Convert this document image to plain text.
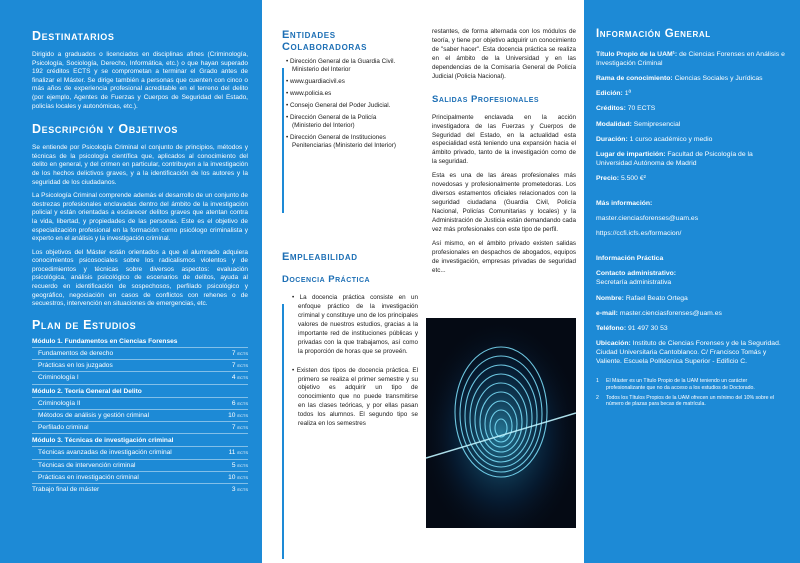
Destinatarios

Dirigido a graduados o licenciados en disciplinas afines (Criminología, Psicología, Sociología, Derecho, Informática, etc.) o que hayan superado 192 créditos ECTS y se comprometan a terminar el Grado antes de finalizar el Máster. Se dirige también a personas que cuenten con cinco o más años de experiencia profesional acreditable en el terreno del delito (por ejemplo, Agentes de Fuerzas y Cuerpos de Seguridad del Estado, policías locales y autonómicas, etc.).

Descripción y Objetivos

Se entiende por Psicología Criminal el conjunto de principios, métodos y técnicas de la psicología científica que, aplicados al conocimiento del delito en general, y del crimen en particular, contribuyen a la investigación de los hechos delictivos graves, y a la identificación de los autores y la seguridad de los ciudadanos.

La Psicología Criminal comprende además el desarrollo de un conjunto de destrezas profesionales enclavadas dentro del ámbito de la investigación policial y están orientadas a esclarecer delitos graves que atentan contra la vida, libertad, y propiedades de las personas. Este es el objetivo de especialización profesional en la formación como psicólogo criminalista y experto en el análisis y la investigación criminal.

Los objetivos del Máster están orientados a que el alumnado adquiera conocimientos psicosociales sobre los radicalismos violentos y de procedimientos y técnicas sobre diversos aspectos: evaluación psicológica, análisis psicológico de escenarios de delitos, ayuda al recuerdo en identificación de sospechosos, perfilado psicológico y geográfico, negociación en casos de conflictos con rehenes o de secuestros, intervención en situaciones de emergencias, etc.

Plan de Estudios
Módulo 1. Fundamentos en Ciencias Forenses
Fundamentos de derecho	7 ECTS
Prácticas en los juzgados	7 ECTS
Criminología I	4 ECTS
Módulo 2. Teoría General del Delito
Criminología II	6 ECTS
Métodos de análisis y gestión criminal	10 ECTS
Perfilado criminal	7 ECTS
Módulo 3. Técnicas de investigación criminal
Técnicas avanzadas de investigación criminal	11 ECTS
Técnicas de intervención criminal	5 ECTS
Prácticas en investigación criminal	10 ECTS
Trabajo final de máster	3 ECTS
Entidades
Colaboradoras
• Dirección General de la Guardia Civil. Ministerio del Interior
• www.guardiacivil.es
• www.policia.es
• Consejo General del Poder Judicial.
• Dirección General de la Policía (Ministerio del Interior)
• Dirección General de Instituciones Penitenciarias (Ministerio del Interior)
Empleabilidad
Docencia Práctica

• La docencia práctica consiste en un enfoque práctico de la investigación criminal y constituye uno de los principales valores de nuestros estudios, gracias a la importante red de instituciones públicas y privadas con la que trabajamos, así como la proporción de horas que se proveén.

• Existen dos tipos de docencia práctica. El primero se realiza el primer semestre y su objetivo es adquirir un tipo de conocimiento que no puede transmitirse en las clases teóricas, y por ellas pasan todos los alumnos. El segundo tipo se realiza en los semestres

restantes, de forma alternada con los módulos de teoría, y tiene por objetivo adquirir un conocimiento de "saber hacer". Esta docencia práctica se realiza en el ámbito de la Universidad y en las dependencias de la Comisaría General de Policía Judicial (Policía Nacional).

Salidas Profesionales

Principalmente enclavada en la acción investigadora de las Fuerzas y Cuerpos de Seguridad del Estado, en la actualidad esta especialidad está teniendo una expansión hacia el ámbito privado, tanto de la investigación como de la seguridad.

Esta es una de las áreas profesionales más novedosas y profesionalmente prometedoras. Los diversos estamentos oficiales relacionados con la seguridad ciudadana (Guardia Civil, Policía Nacional, Policías Comunitarias y locales) y la Administración de Justicia están demandando cada vez más profesionales con este tipo de perfil.

Así mismo, en el ámbito privado existen salidas profesionales en despachos de abogados, equipos de investigación, empresas privadas de seguridad etc...

Información General
Título Propio de la UAM¹: de Ciencias Forenses en Análisis e Investigación Criminal
Rama de conocimiento: Ciencias Sociales y Jurídicas
Edición: 1ª
Créditos: 70 ECTS
Modalidad: Semipresencial
Duración: 1 curso académico y medio
Lugar de impartición: Facultad de Psicología de la Universidad Autónoma de Madrid
Precio: 5.500 €²
Más información:
master.cienciasforenses@uam.es
https://ccfi.icfs.es/formacion/
Información Práctica
Contacto administrativo:
Secretaría administrativa
Nombre: Rafael Beato Ortega
e-mail: master.cienciasforenses@uam.es
Teléfono: 91 497 30 53
Ubicación: Instituto de Ciencias Forenses y de la Seguridad. Ciudad Universitaria Cantoblanco. C/ Francisco Tomás y Valiente. Escuela Politécnica Superior - Edificio C.
1	El Máster es un Título Propio de la UAM teniendo un carácter profesionalizante que no da acceso a los estudios de Doctorado.
2	Todos los Títulos Propios de la UAM ofrecen un mínimo del 10% sobre el número de plazas para becas de matrícula.
